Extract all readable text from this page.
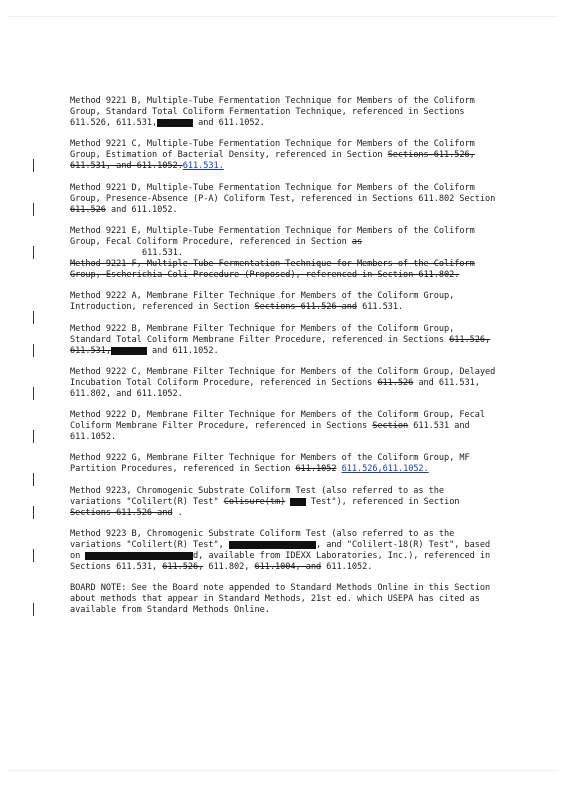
Method 9221 B, Multiple-Tube Fermentation Technique for Members of the Coliform Group, Standard Total Coliform Fermentation Technique, referenced in Sections 611.526, 611.531,611.532 and 611.1052.

Method 9221 C, Multiple-Tube Fermentation Technique for Members of the Coliform Group, Estimation of Bacterial Density, referenced in Section Sections 611.526, 611.531, and 611.1052.611.531.

Method 9221 D, Multiple-Tube Fermentation Technique for Members of the Coliform Group, Presence-Absence (P-A) Coliform Test, referenced in Sections 611.802 Section 611.526 and 611.1052.

Method 9221 E, Multiple-Tube Fermentation Technique for Members of the Coliform Group, Fecal Coliform Procedure, referenced in Section as

611.531.

Method 9221 F, Multiple-Tube Fermentation Technique for Members of the Coliform Group, Escherichia Coli Procedure (Proposed), referenced in Section 611.802.

Method 9222 A, Membrane Filter Technique for Members of the Coliform Group, Introduction, referenced in Section Sections 611.526 and 611.531.

Method 9222 B, Membrane Filter Technique for Members of the Coliform Group, Standard Total Coliform Membrane Filter Procedure, referenced in Sections 611.526, 611.531,611.802 and 611.1052.

Method 9222 C, Membrane Filter Technique for Members of the Coliform Group, Delayed Incubation Total Coliform Procedure, referenced in Sections 611.526 and 611.531, 611.802, and 611.1052.

Method 9222 D, Membrane Filter Technique for Members of the Coliform Group, Fecal Coliform Membrane Filter Procedure, referenced in Sections Section 611.531 and 611.1052.

Method 9222 G, Membrane Filter Technique for Members of the Coliform Group, MF Partition Procedures, referenced in Section 611.1052 611.526,611.1052.

Method 9223, Chromogenic Substrate Coliform Test (also referred to as the variations "Colilert(R) Test" Colisure(tm) and Test"), referenced in Section Sections 611.526 and .

Method 9223 B, Chromogenic Substrate Coliform Test (also referred to as the variations "Colilert(R) Test", Colisure(tm) Test, and "Colilert-18(R) Test", based on the Colisure(tm) Testd, available from IDEXX Laboratories, Inc.), referenced in Sections 611.531, 611.526, 611.802, 611.1004, and 611.1052.

BOARD NOTE: See the Board note appended to Standard Methods Online in this Section about methods that appear in Standard Methods, 21st ed. which USEPA has cited as available from Standard Methods Online.
